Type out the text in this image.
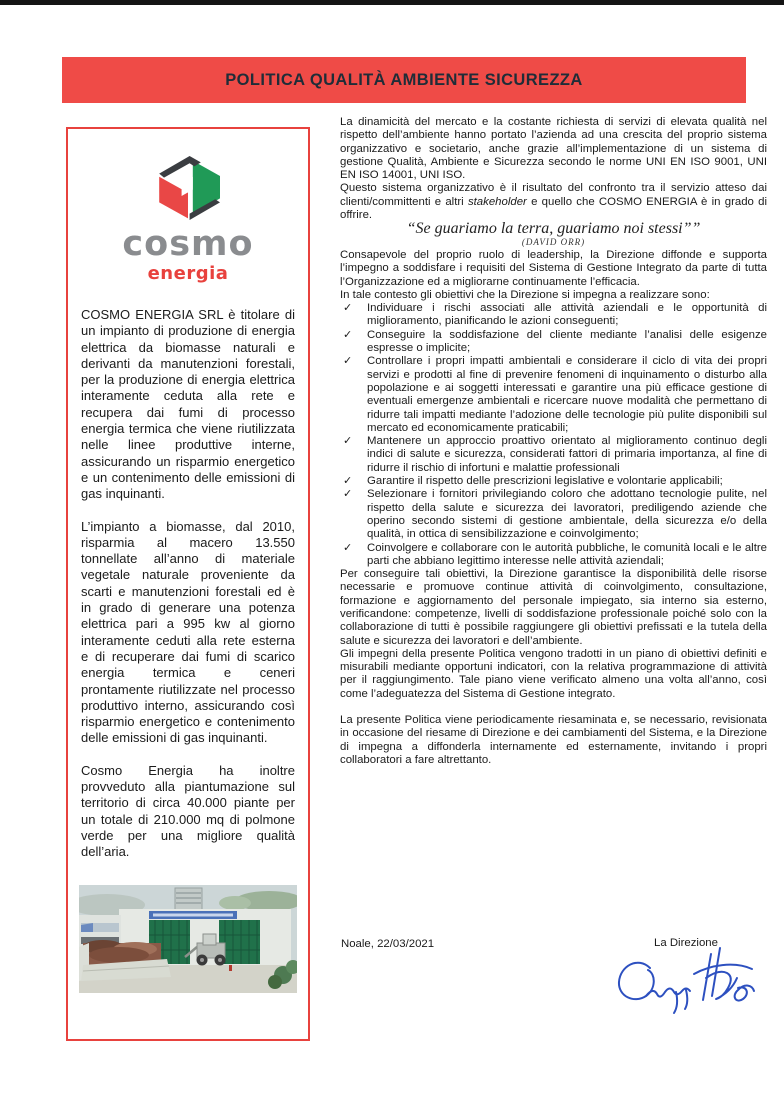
POLITICA QUALITÀ AMBIENTE SICUREZZA
cosmo
energia

COSMO ENERGIA SRL è titolare di un impianto di produzione di energia elettrica da biomasse naturali e derivanti da manutenzioni forestali, per la produzione di energia elettrica interamente ceduta alla rete e recupera dai fumi di processo energia termica che viene riutilizzata nelle linee produttive interne, assicurando un risparmio energetico e un contenimento delle emissioni di gas inquinanti.

L’impianto a biomasse, dal 2010, risparmia al macero 13.550 tonnellate all’anno di materiale vegetale naturale proveniente da scarti e manutenzioni forestali ed è in grado di generare una potenza elettrica pari a 995 kw al giorno interamente ceduti alla rete esterna e di recuperare dai fumi di scarico energia termica e ceneri prontamente riutilizzate nel processo produttivo interno, assicurando così risparmio energetico e contenimento delle emissioni di gas inquinanti.

Cosmo Energia ha inoltre provveduto alla piantumazione sul territorio di circa 40.000 piante per un totale di 210.000 mq di polmone verde per una migliore qualità dell’aria.

La dinamicità del mercato e la costante richiesta di servizi di elevata qualità nel rispetto dell’ambiente hanno portato l’azienda ad una crescita del proprio sistema organizzativo e societario, anche grazie all’implementazione di un sistema di gestione Qualità, Ambiente e Sicurezza secondo le norme UNI EN ISO 9001, UNI EN ISO 14001, UNI ISO.

Questo sistema organizzativo è il risultato del confronto tra il servizio atteso dai clienti/committenti e altri stakeholder e quello che COSMO ENERGIA è in grado di offrire.

“Se guariamo la terra, guariamo noi stessi””

(DAVID ORR)

Consapevole del proprio ruolo di leadership, la Direzione diffonde e supporta l’impegno a soddisfare i requisiti del Sistema di Gestione Integrato da parte di tutta l’Organizzazione ed a migliorarne continuamente l’efficacia.

In tale contesto gli obiettivi che la Direzione si impegna a realizzare sono:

✓ Individuare i rischi associati alle attività aziendali e le opportunità di miglioramento, pianificando le azioni conseguenti;
✓ Conseguire la soddisfazione del cliente mediante l’analisi delle esigenze espresse o implicite;
✓ Controllare i propri impatti ambientali e considerare il ciclo di vita dei propri servizi e prodotti al fine di prevenire fenomeni di inquinamento o disturbo alla popolazione e ai soggetti interessati e garantire una più efficace gestione di eventuali emergenze ambientali e ricercare nuove modalità che permettano di ridurre tali impatti mediante l’adozione delle tecnologie più pulite disponibili sul mercato ed economicamente praticabili;
✓ Mantenere un approccio proattivo orientato al miglioramento continuo degli indici di salute e sicurezza, considerati fattori di primaria importanza, al fine di ridurre il rischio di infortuni e malattie professionali
✓ Garantire il rispetto delle prescrizioni legislative e volontarie applicabili;
✓ Selezionare i fornitori privilegiando coloro che adottano tecnologie pulite, nel rispetto della salute e sicurezza dei lavoratori, prediligendo aziende che operino secondo sistemi di gestione ambientale, della sicurezza e/o della qualità, in ottica di sensibilizzazione e coinvolgimento;
✓ Coinvolgere e collaborare con le autorità pubbliche, le comunità locali e le altre parti che abbiano legittimo interesse nelle attività aziendali;

Per conseguire tali obiettivi, la Direzione garantisce la disponibilità delle risorse necessarie e promuove continue attività di coinvolgimento, consultazione, formazione e aggiornamento del personale impiegato, sia interno sia esterno, verificandone: competenze, livelli di soddisfazione professionale poiché solo con la collaborazione di tutti è possibile raggiungere gli obiettivi prefissati e la tutela della salute e sicurezza dei lavoratori e dell’ambiente.

Gli impegni della presente Politica vengono tradotti in un piano di obiettivi definiti e misurabili mediante opportuni indicatori, con la relativa programmazione di attività per il raggiungimento. Tale piano viene verificato almeno una volta all’anno, così come l’adeguatezza del Sistema di Gestione integrato.

La presente Politica viene periodicamente riesaminata e, se necessario, revisionata in occasione del riesame di Direzione e dei cambiamenti del Sistema, e la Direzione di impegna a diffonderla internamente ed esternamente, invitando i propri collaboratori a fare altrettanto.

Noale, 22/03/2021	La Direzione
